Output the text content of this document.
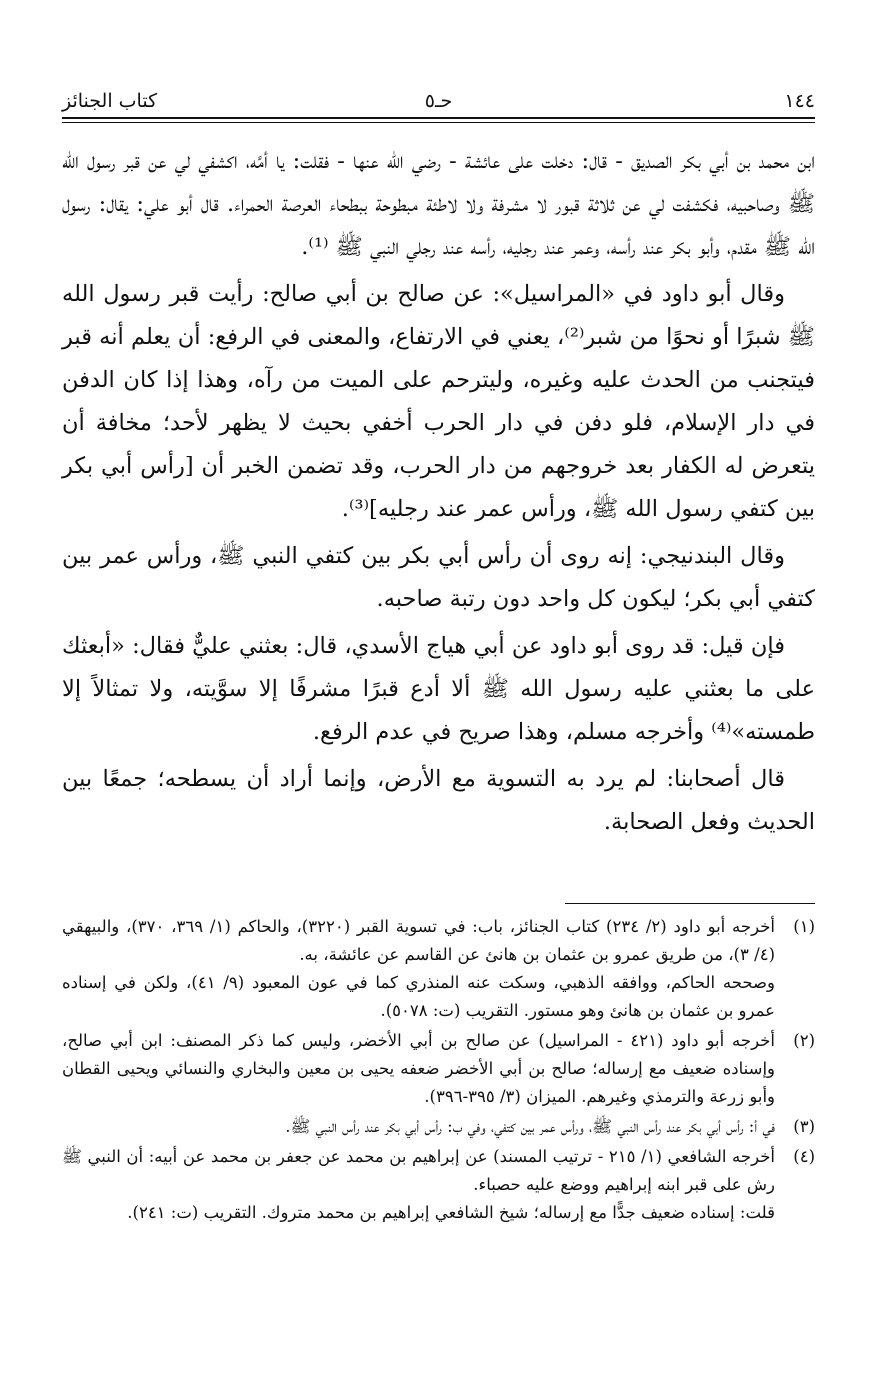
١٤٤
حـ٥
كتاب الجنائز

ابن محمد بن أبي بكر الصديق - قال: دخلت على عائشة - رضي الله عنها - فقلت: يا أمَّه، اكشفي لي عن قبر رسول الله ﷺ وصاحبيه، فكشفت لي عن ثلاثة قبور لا مشرفة ولا لاطئة مبطوحة ببطحاء العرصة الحمراء. قال أبو علي: يقال: رسول الله ﷺ مقدم، وأبو بكر عند رأسه، وعمر عند رجليه، رأسه عند رجلي النبي ﷺ ⁽¹⁾.

وقال أبو داود في «المراسيل»: عن صالح بن أبي صالح: رأيت قبر رسول الله ﷺ شبرًا أو نحوًا من شبر⁽²⁾، يعني في الارتفاع، والمعنى في الرفع: أن يعلم أنه قبر فيتجنب من الحدث عليه وغيره، وليترحم على الميت من رآه، وهذا إذا كان الدفن في دار الإسلام، فلو دفن في دار الحرب أخفي بحيث لا يظهر لأحد؛ مخافة أن يتعرض له الكفار بعد خروجهم من دار الحرب، وقد تضمن الخبر أن [رأس أبي بكر بين كتفي رسول الله ﷺ، ورأس عمر عند رجليه]⁽³⁾.

وقال البندنيجي: إنه روى أن رأس أبي بكر بين كتفي النبي ﷺ، ورأس عمر بين كتفي أبي بكر؛ ليكون كل واحد دون رتبة صاحبه.

فإن قيل: قد روى أبو داود عن أبي هياج الأسدي، قال: بعثني عليٌّ فقال: «أبعثك على ما بعثني عليه رسول الله ﷺ ألا أدع قبرًا مشرفًا إلا سوَّيته، ولا تمثالاً إلا طمسته»⁽⁴⁾ وأخرجه مسلم، وهذا صريح في عدم الرفع.

قال أصحابنا: لم يرد به التسوية مع الأرض، وإنما أراد أن يسطحه؛ جمعًا بين الحديث وفعل الصحابة.

(١)
أخرجه أبو داود (٢/ ٢٣٤) كتاب الجنائز، باب: في تسوية القبر (٣٢٢٠)، والحاكم (١/ ٣٦٩، ٣٧٠)، والبيهقي (٤/ ٣)، من طريق عمرو بن عثمان بن هانئ عن القاسم عن عائشة، به.
وصححه الحاكم، ووافقه الذهبي، وسكت عنه المنذري كما في عون المعبود (٩/ ٤١)، ولكن في إسناده عمرو بن عثمان بن هانئ وهو مستور. التقريب (ت: ٥٠٧٨).
(٢)
أخرجه أبو داود (٤٢١ - المراسيل) عن صالح بن أبي الأخضر، وليس كما ذكر المصنف: ابن أبي صالح، وإسناده ضعيف مع إرساله؛ صالح بن أبي الأخضر ضعفه يحيى بن معين والبخاري والنسائي ويحيى القطان وأبو زرعة والترمذي وغيرهم. الميزان (٣/ ٣٩٥-٣٩٦).
(٣)
في أ: رأس أبي بكر عند رأس النبي ﷺ، ورأس عمر بين كتفي، وفي ب: رأس أبي بكر عند رأس النبي ﷺ.
(٤)
أخرجه الشافعي (١/ ٢١٥ - ترتيب المسند) عن إبراهيم بن محمد عن جعفر بن محمد عن أبيه: أن النبي ﷺ رش على قبر ابنه إبراهيم ووضع عليه حصباء.
قلت: إسناده ضعيف جدًّا مع إرساله؛ شيخ الشافعي إبراهيم بن محمد متروك. التقريب (ت: ٢٤١).
